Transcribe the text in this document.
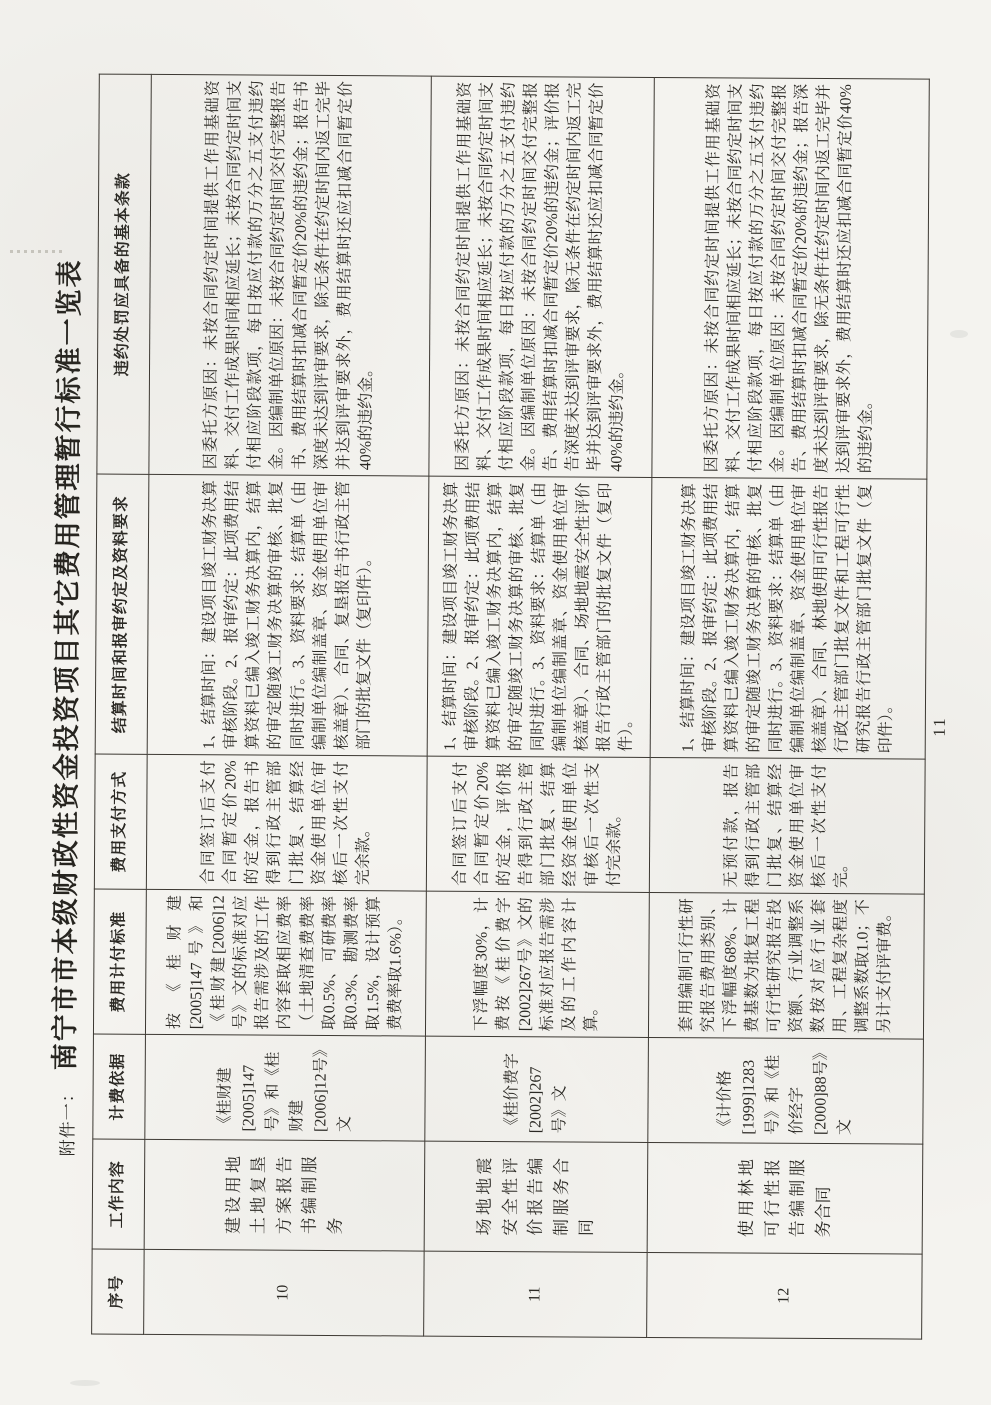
附件一：
南宁市市本级财政性资金投资项目其它费用管理暂行标准一览表
序号	工作内容	计费依据	费用计付标准	费用支付方式	结算时间和报审约定及资料要求	违约处罚应具备的基本条款
10	建设用地土地复垦方案报告书编制服务	《桂财建[2005]147号》和《桂财建[2006]12号》文	按《桂财建[2005]147号》和《桂财建[2006]12号》文的标准对应报告需涉及的工作内容套取相应费率（土地清查费费率取0.5%、可研费率取0.3%、勘测费率取1.5%，设计预算费费率取1.6%）。	合同签订后支付合同暂定价20%的定金，报告书得到行政主管部门批复、结算经资金使用单位审核后一次性支付完余款。	1、结算时间：建设项目竣工财务决算审核阶段。2、报审约定：此项费用结算资料已编入竣工财务决算内，结算的审定随竣工财务决算的审核、批复同时进行。3、资料要求：结算单（由编制单位编制盖章、资金使用单位审核盖章）、合同、复垦报告书行政主管部门的批复文件（复印件）。	因委托方原因：未按合同约定时间提供工作用基础资料、交付工作成果时间相应延长；未按合同约定时间支付相应阶段款项，每日按应付款的万分之五支付违约金。因编制单位原因：未按合同约定时间交付完整报告书、费用结算时扣减合同暂定价20%的违约金；报告书深度未达到评审要求，除无条件在约定时间内返工完毕并达到评审要求外，费用结算时还应扣减合同暂定价40%的违约金。
11	场地地震安全性评价报告编制服务合同	《桂价费字[2002]267号》文	下浮幅度30%，计费按《桂价费字[2002]267号》文的标准对应报告需涉及的工作内容计算。	合同签订后支付合同暂定价20%的定金，评价报告得到行政主管部门批复、结算经资金使用单位审核后一次性支付完余款。	1、结算时间：建设项目竣工财务决算审核阶段。2、报审约定：此项费用结算资料已编入竣工财务决算内，结算的审定随竣工财务决算的审核、批复同时进行。3、资料要求：结算单（由编制单位编制盖章、资金使用单位审核盖章）、合同、场地地震安全性评价报告行政主管部门的批复文件（复印件）。	因委托方原因：未按合同约定时间提供工作用基础资料、交付工作成果时间相应延长；未按合同约定时间支付相应阶段款项，每日按应付款的万分之五支付违约金。因编制单位原因：未按合同约定时间交付完整报告、费用结算时扣减合同暂定价20%的违约金；评价报告深度未达到评审要求，除无条件在约定时间内返工完毕并达到评审要求外，费用结算时还应扣减合同暂定价40%的违约金。
12	使用林地可行性报告编制服务合同	《计价格[1999]1283号》和《桂价经字[2000]88号》文	套用编制可行性研究报告费用类别、下浮幅度68%、计费基数为批复工程可行性研究报告投资额、行业调整系数按对应行业套用、工程复杂程度调整系数取1.0；不另计支付评审费。	无预付款，报告得到行政主管部门批复、结算经资金使用单位审核后一次性支付完。	1、结算时间：建设项目竣工财务决算审核阶段。2、报审约定：此项费用结算资料已编入竣工财务决算内，结算的审定随竣工财务决算的审核、批复同时进行。3、资料要求：结算单（由编制单位编制盖章、资金使用单位审核盖章）、合同、林地使用可行性报告行政主管部门批复文件和工程可行性研究报告行政主管部门批复文件（复印件）。	因委托方原因：未按合同约定时间提供工作用基础资料、交付工作成果时间相应延长；未按合同约定时间支付相应阶段款项，每日按应付款的万分之五支付违约金。因编制单位原因：未按合同约定时间交付完整报告、费用结算时扣减合同暂定价20%的违约金；报告深度未达到评审要求，除无条件在约定时间内返工完毕并达到评审要求外，费用结算时还应扣减合同暂定价40%的违约金。
11
